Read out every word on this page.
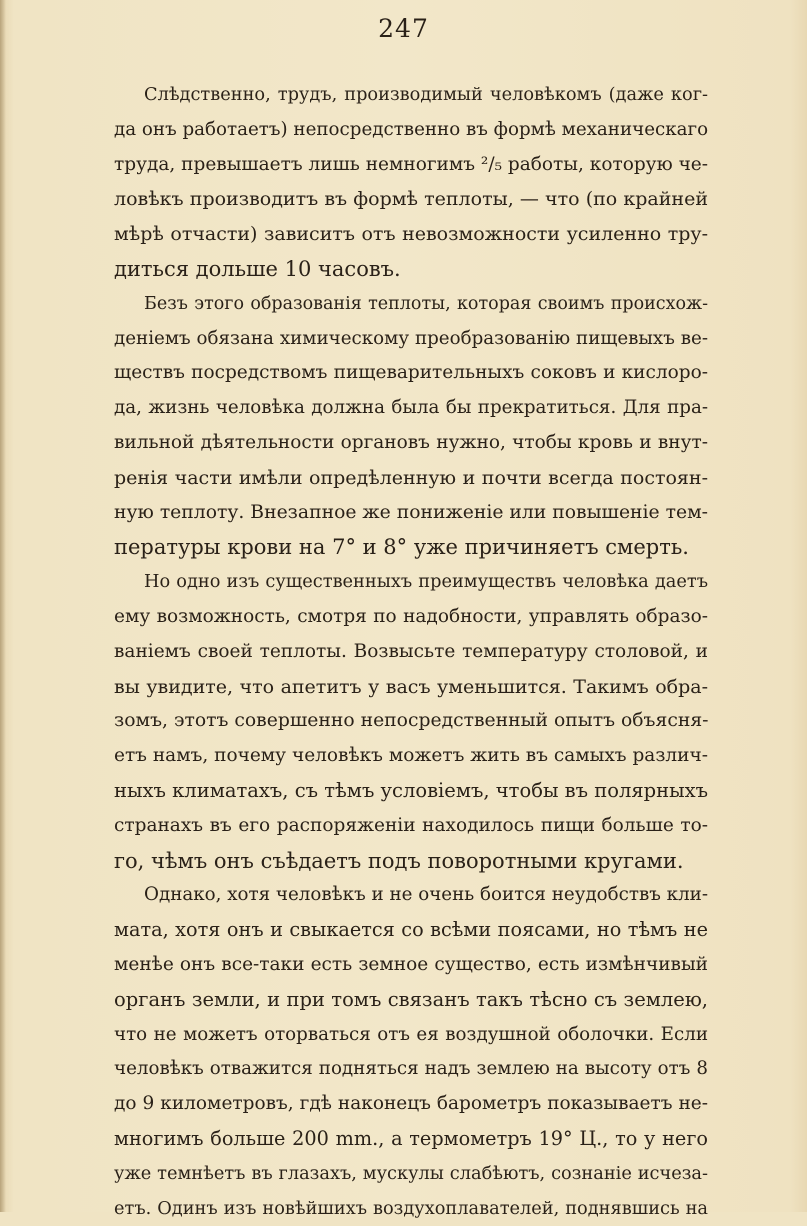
247
Слѣдственно, трудъ, производимый человѣкомъ (даже ког-
да онъ работаетъ) непосредственно въ формѣ механическаго
труда, превышаетъ лишь немногимъ ²/₅ работы, которую че-
ловѣкъ производитъ въ формѣ теплоты, — что (по крайней
мѣрѣ отчасти) зависитъ отъ невозможности усиленно тру-
диться дольше 10 часовъ.
Безъ этого образованія теплоты, которая своимъ происхож-
деніемъ обязана химическому преобразованію пищевыхъ ве-
ществъ посредствомъ пищеварительныхъ соковъ и кислоро-
да, жизнь человѣка должна была бы прекратиться. Для пра-
вильной дѣятельности органовъ нужно, чтобы кровь и внут-
ренія части имѣли опредѣленную и почти всегда постоян-
ную теплоту. Внезапное же пониженіе или повышеніе тем-
пературы крови на 7° и 8° уже причиняетъ смерть.
Но одно изъ существенныхъ преимуществъ человѣка даетъ
ему возможность, смотря по надобности, управлять образо-
ваніемъ своей теплоты. Возвысьте температуру столовой, и
вы увидите, что апетитъ у васъ уменьшится. Такимъ обра-
зомъ, этотъ совершенно непосредственный опытъ объясня-
етъ намъ, почему человѣкъ можетъ жить въ самыхъ различ-
ныхъ климатахъ, съ тѣмъ условіемъ, чтобы въ полярныхъ
странахъ въ его распоряженіи находилось пищи больше то-
го, чѣмъ онъ съѣдаетъ подъ поворотными кругами.
Однако, хотя человѣкъ и не очень боится неудобствъ кли-
мата, хотя онъ и свыкается со всѣми поясами, но тѣмъ не
менѣе онъ все-таки есть земное существо, есть измѣнчивый
органъ земли, и при томъ связанъ такъ тѣсно съ землею,
что не можетъ оторваться отъ ея воздушной оболочки. Если
человѣкъ отважится подняться надъ землею на высоту отъ 8
до 9 километровъ, гдѣ наконецъ барометръ показываетъ не-
многимъ больше 200 mm., а термометръ 19° Ц., то у него
уже темнѣетъ въ глазахъ, мускулы слабѣютъ, сознаніе исчеза-
етъ. Одинъ изъ новѣйшихъ воздухоплавателей, поднявшись на
